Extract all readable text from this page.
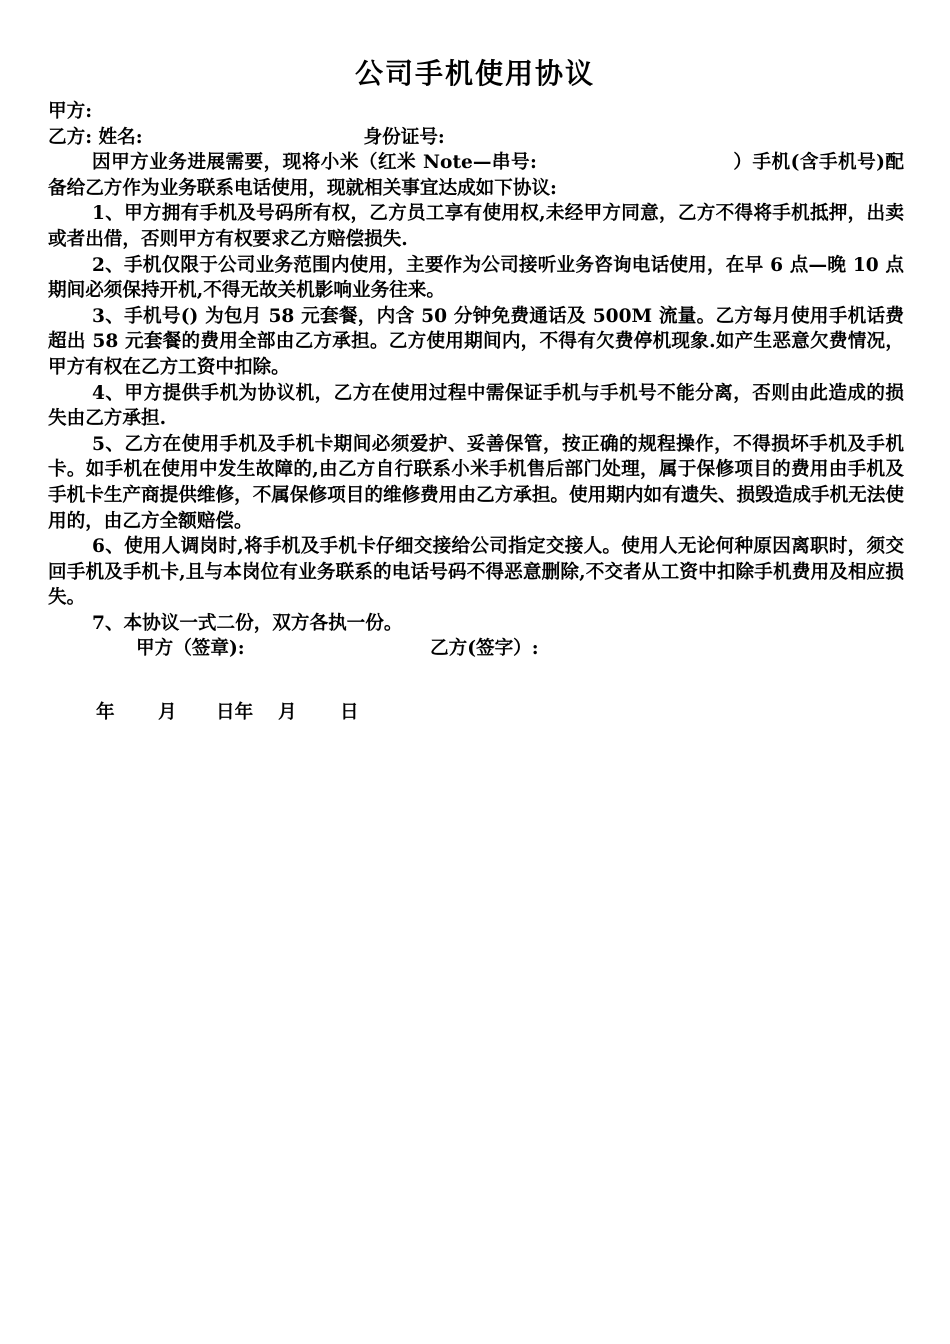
公司手机使用协议
甲方:
乙方: 姓名:	身份证号:
因甲方业务进展需要，现将小米（红米 Note—串号:	）手机(含手机号)配备给乙方作为业务联系电话使用，现就相关事宜达成如下协议:
1、甲方拥有手机及号码所有权，乙方员工享有使用权,未经甲方同意，乙方不得将手机抵押，出卖或者出借，否则甲方有权要求乙方赔偿损失.
2、手机仅限于公司业务范围内使用，主要作为公司接听业务咨询电话使用，在早 6 点—晚 10 点期间必须保持开机,不得无故关机影响业务往来。
3、手机号() 为包月 58 元套餐，内含 50 分钟免费通话及 500M 流量。乙方每月使用手机话费超出 58 元套餐的费用全部由乙方承担。乙方使用期间内，不得有欠费停机现象.如产生恶意欠费情况，甲方有权在乙方工资中扣除。
4、甲方提供手机为协议机，乙方在使用过程中需保证手机与手机号不能分离，否则由此造成的损失由乙方承担.
5、乙方在使用手机及手机卡期间必须爱护、妥善保管，按正确的规程操作，不得损坏手机及手机卡。如手机在使用中发生故障的,由乙方自行联系小米手机售后部门处理，属于保修项目的费用由手机及手机卡生产商提供维修，不属保修项目的维修费用由乙方承担。使用期内如有遗失、损毁造成手机无法使用的，由乙方全额赔偿。
6、使用人调岗时,将手机及手机卡仔细交接给公司指定交接人。使用人无论何种原因离职时，须交回手机及手机卡,且与本岗位有业务联系的电话号码不得恶意删除,不交者从工资中扣除手机费用及相应损失。
7、本协议一式二份，双方各执一份。
甲方（签章):	乙方(签字）:
年 月 日年 月 日
